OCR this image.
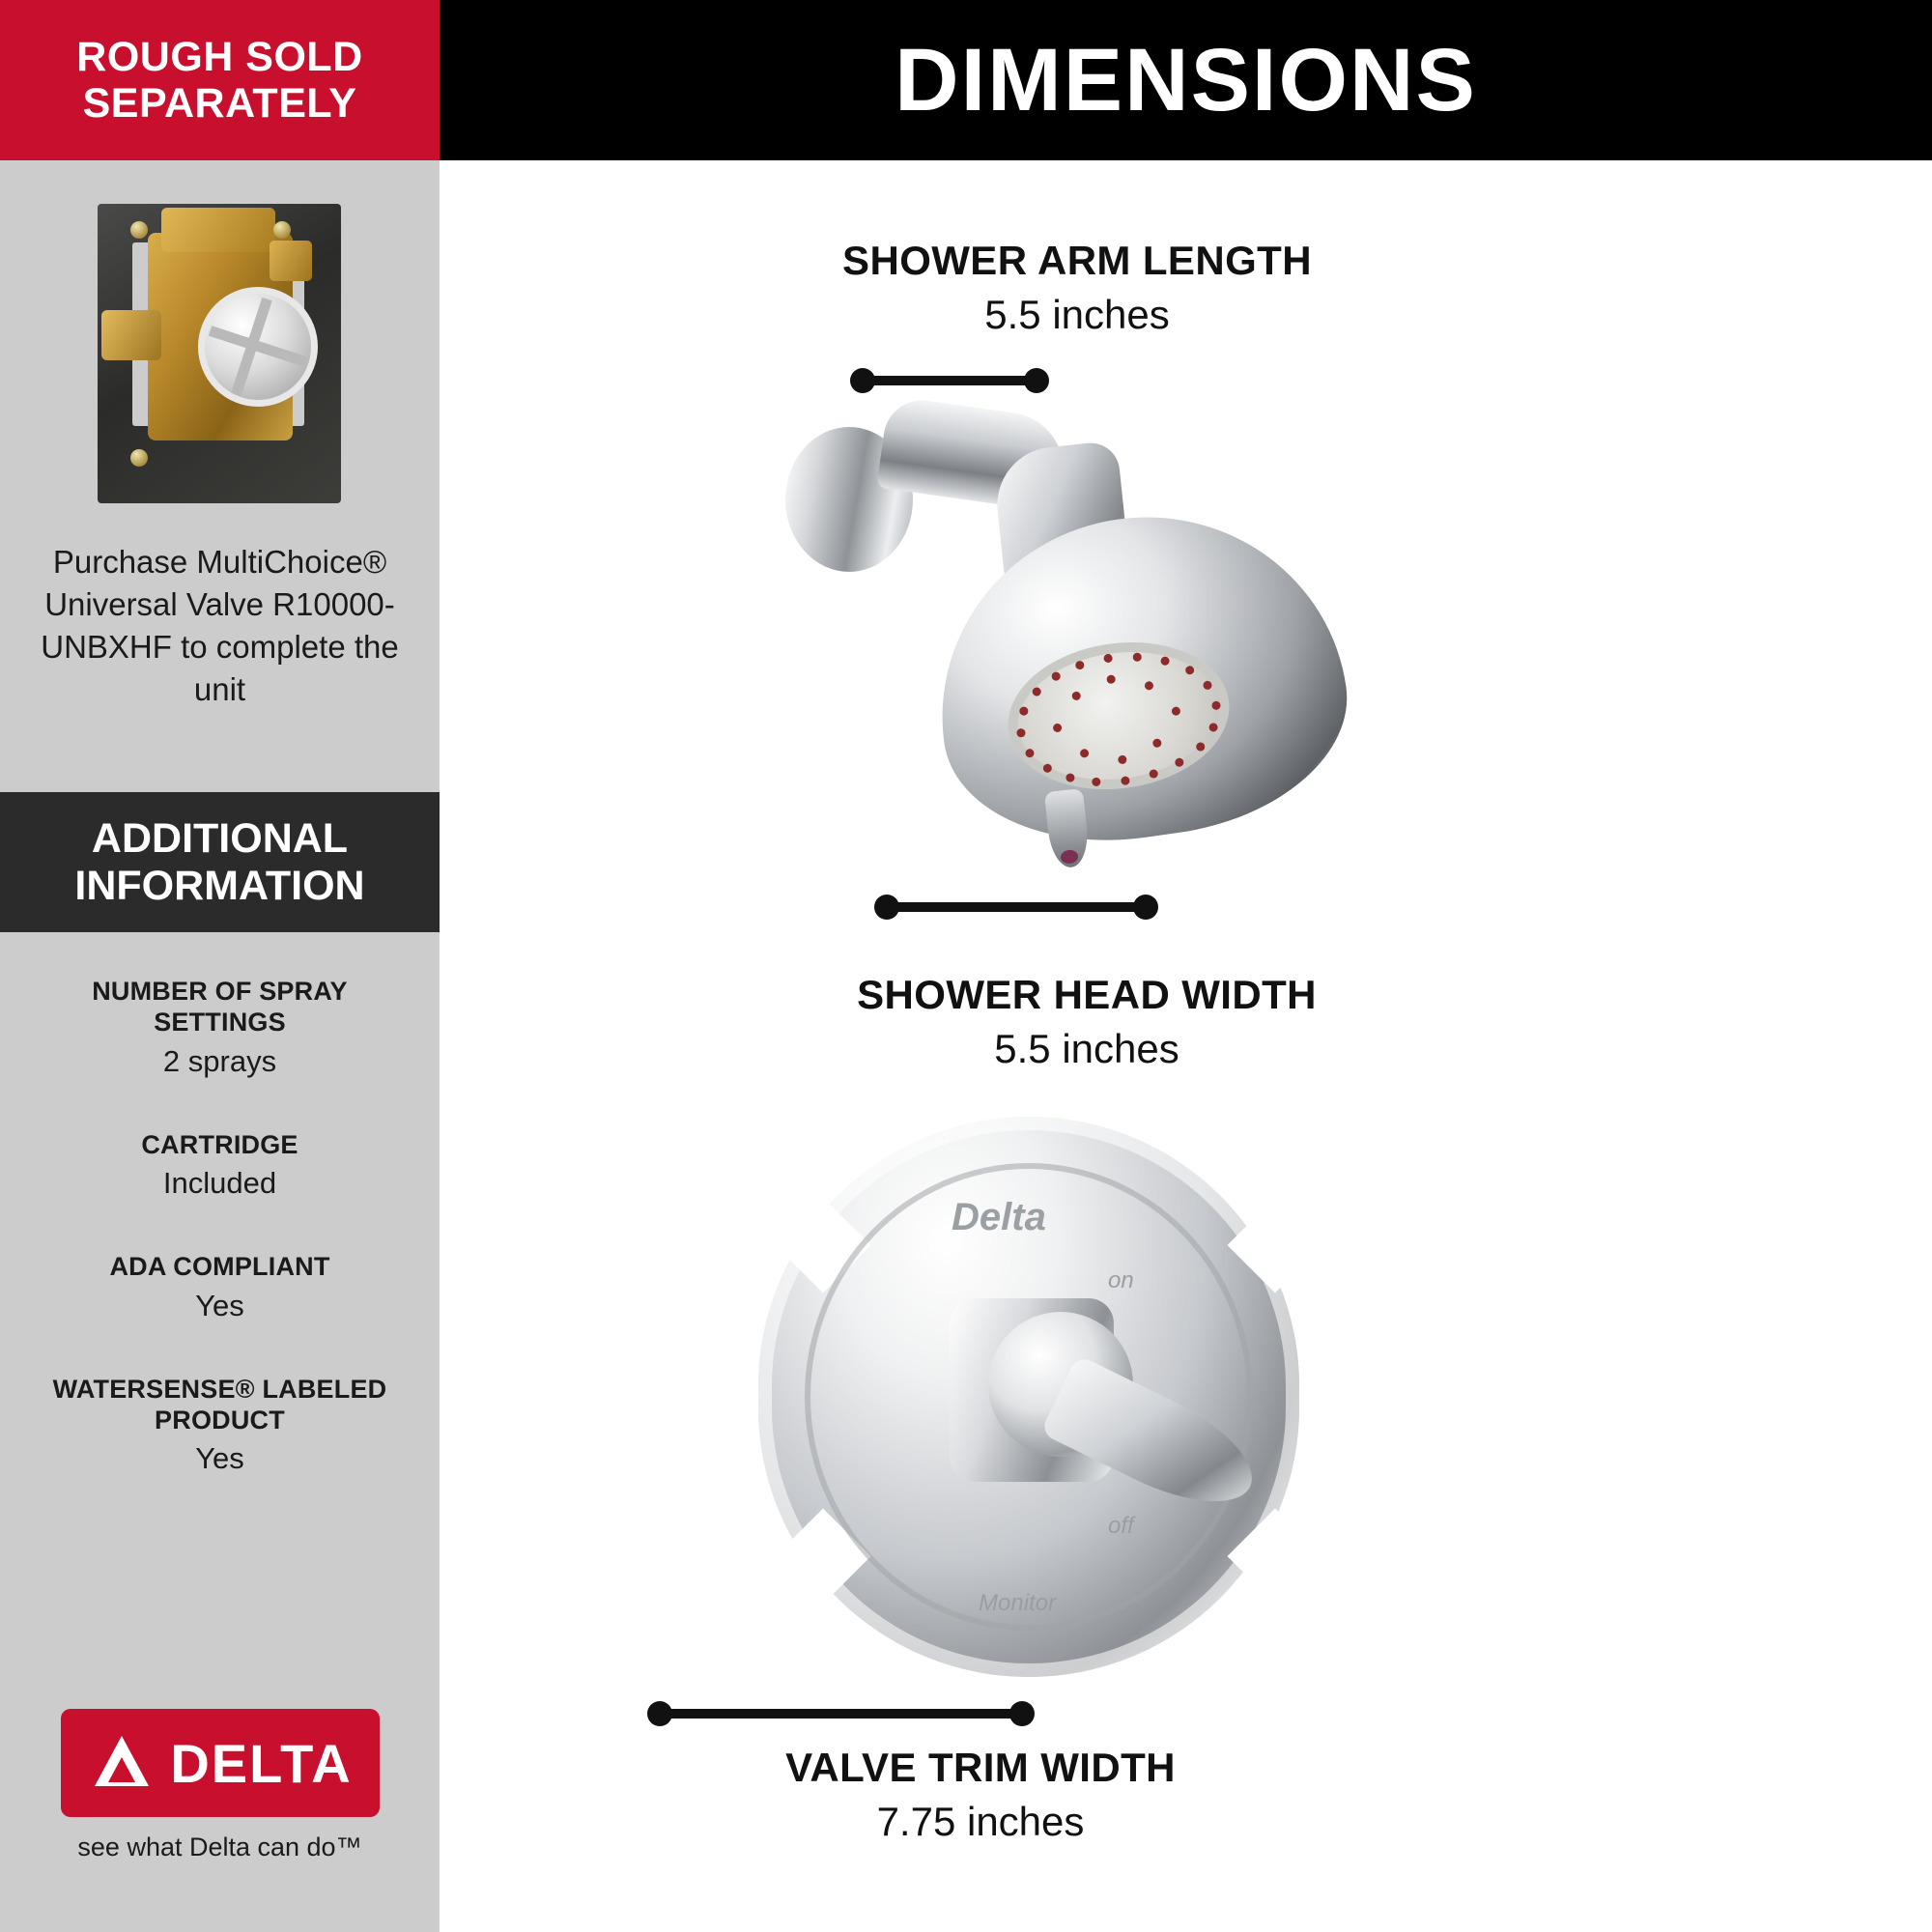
ROUGH SOLD
SEPARATELY
Purchase MultiChoice® Universal Valve R10000-UNBXHF to complete the unit
ADDITIONAL
INFORMATION
NUMBER OF SPRAY SETTINGS
2 sprays
CARTRIDGE
Included
ADA COMPLIANT
Yes
WATERSENSE® LABELED PRODUCT
Yes
DELTA
see what Delta can do™
DIMENSIONS
SHOWER ARM LENGTH
5.5 inches
SHOWER HEAD WIDTH
5.5 inches
Delta
on
off
Monitor
VALVE TRIM WIDTH
7.75 inches
